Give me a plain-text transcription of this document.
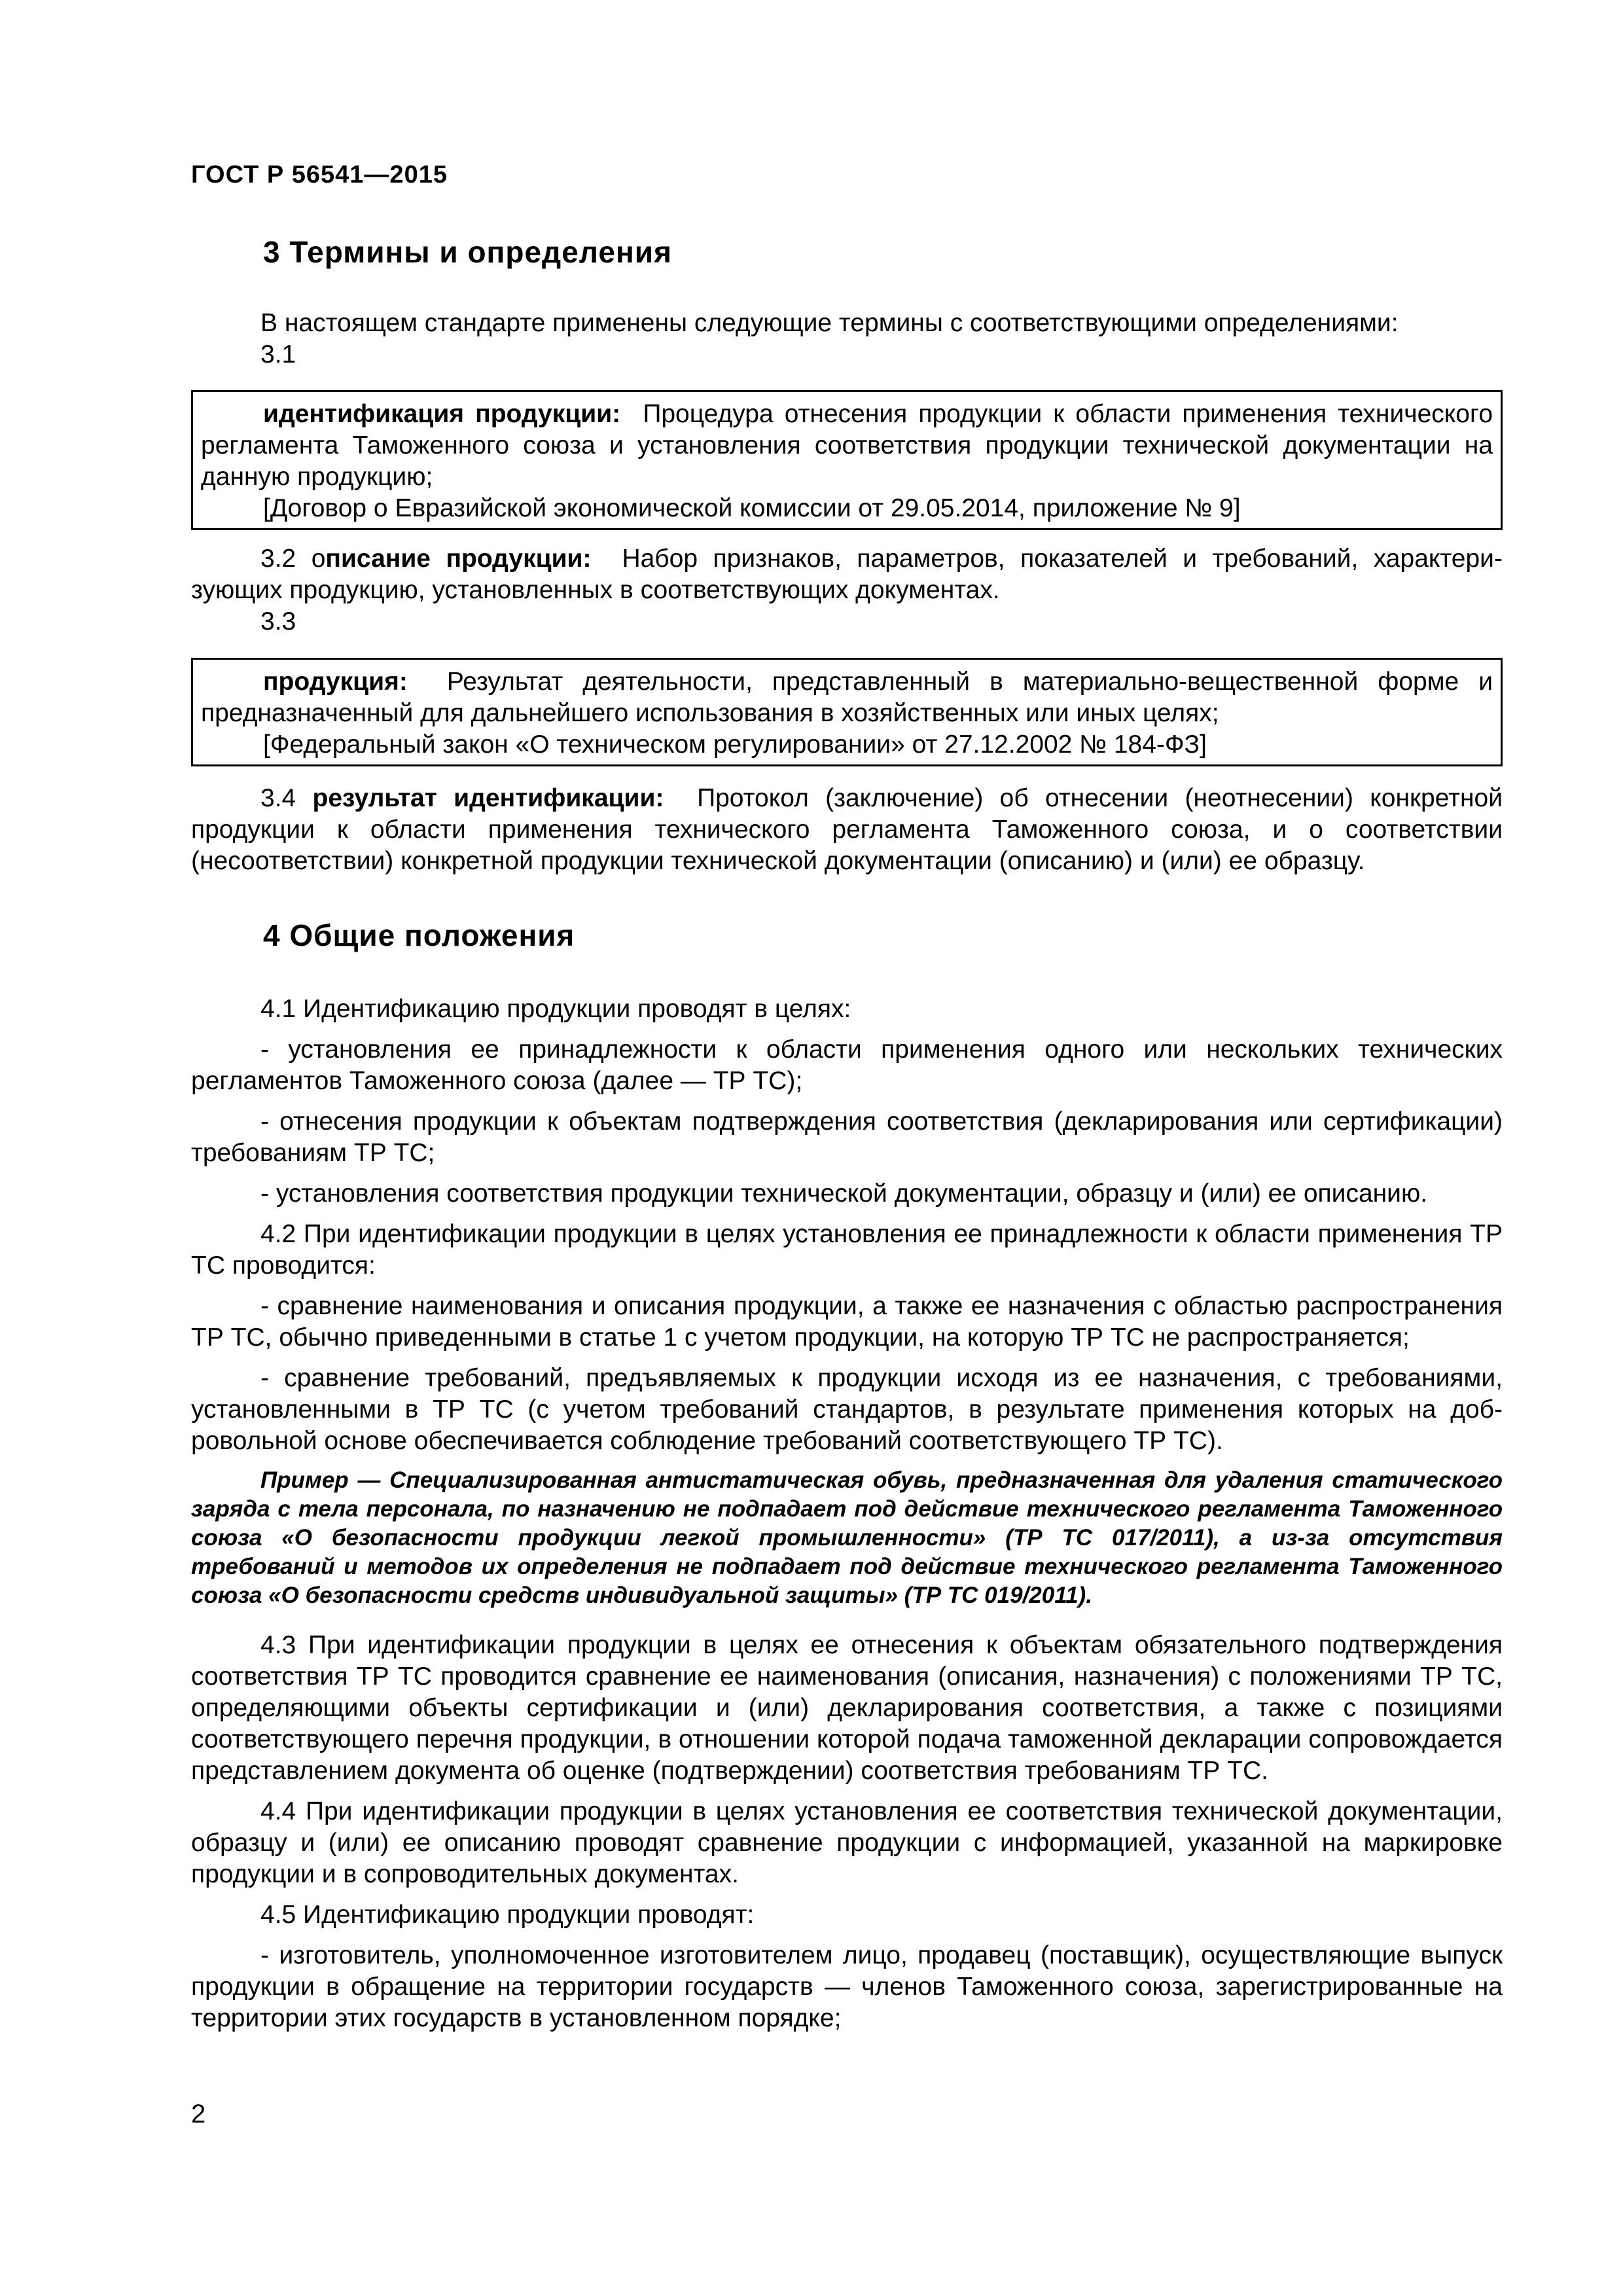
ГОСТ Р 56541—2015
3 Термины и определения

В настоящем стандарте применены следующие термины с соответствующими определениями:

3.1

идентификация продукции: Процедура отнесения продукции к области применения технического регламента Таможенного союза и установления соответствия продукции технической документации на данную продукцию;

[Договор о Евразийской экономической комиссии от 29.05.2014, приложение № 9]

3.2 описание продукции: Набор признаков, параметров, показателей и требований, характеризующих продукцию, установленных в соответствующих документах.

3.3

продукция: Результат деятельности, представленный в материально-вещественной форме и предназначенный для дальнейшего использования в хозяйственных или иных целях;

[Федеральный закон «О техническом регулировании» от 27.12.2002 № 184-ФЗ]

3.4 результат идентификации: Протокол (заключение) об отнесении (неотнесении) конкретной продукции к области применения технического регламента Таможенного союза, и о соответствии (несоответствии) конкретной продукции технической документации (описанию) и (или) ее образцу.

4 Общие положения

4.1 Идентификацию продукции проводят в целях:

- установления ее принадлежности к области применения одного или нескольких технических регламентов Таможенного союза (далее — ТР ТС);

- отнесения продукции к объектам подтверждения соответствия (декларирования или сертификации) требованиям ТР ТС;

- установления соответствия продукции технической документации, образцу и (или) ее описанию.

4.2 При идентификации продукции в целях установления ее принадлежности к области применения ТР ТС проводится:

- сравнение наименования и описания продукции, а также ее назначения с областью распространения ТР ТС, обычно приведенными в статье 1 с учетом продукции, на которую ТР ТС не распространяется;

- сравнение требований, предъявляемых к продукции исходя из ее назначения, с требованиями, установленными в ТР ТС (с учетом требований стандартов, в результате применения которых на добровольной основе обеспечивается соблюдение требований соответствующего ТР ТС).

Пример — Специализированная антистатическая обувь, предназначенная для удаления статического заряда с тела персонала, по назначению не подпадает под действие технического регламента Таможенного союза «О безопасности продукции легкой промышленности» (ТР ТС 017/2011), а из-за отсутствия требований и методов их определения не подпадает под действие технического регламента Таможенного союза «О безопасности средств индивидуальной защиты» (ТР ТС 019/2011).

4.3 При идентификации продукции в целях ее отнесения к объектам обязательного подтверждения соответствия ТР ТС проводится сравнение ее наименования (описания, назначения) с положениями ТР ТС, определяющими объекты сертификации и (или) декларирования соответствия, а также с позициями соответствующего перечня продукции, в отношении которой подача таможенной декларации сопровождается представлением документа об оценке (подтверждении) соответствия требованиям ТР ТС.

4.4 При идентификации продукции в целях установления ее соответствия технической документации, образцу и (или) ее описанию проводят сравнение продукции с информацией, указанной на маркировке продукции и в сопроводительных документах.

4.5 Идентификацию продукции проводят:

- изготовитель, уполномоченное изготовителем лицо, продавец (поставщик), осуществляющие выпуск продукции в обращение на территории государств — членов Таможенного союза, зарегистрированные на территории этих государств в установленном порядке;

2
